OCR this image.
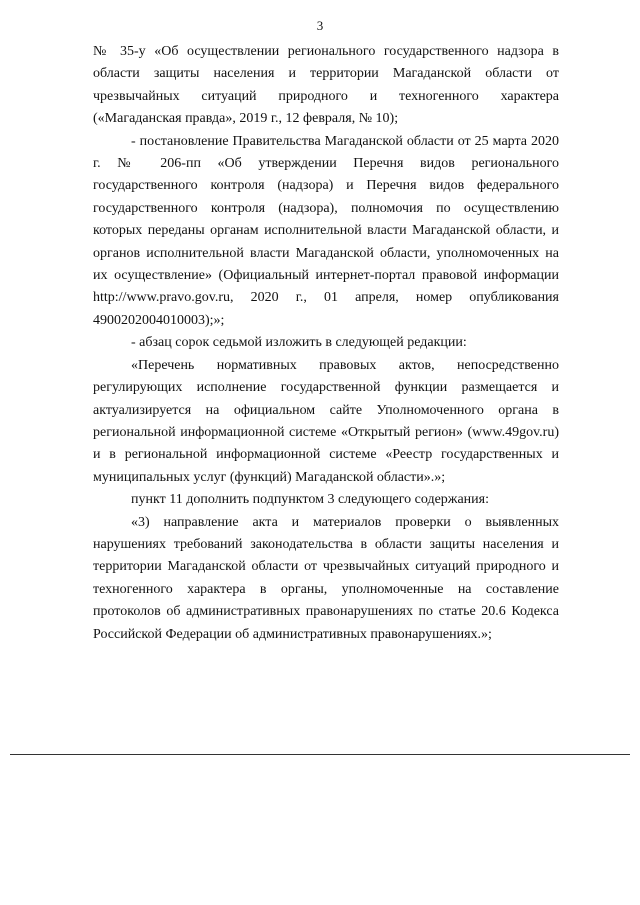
3

№ 35-у «Об осуществлении регионального государственного надзора в области защиты населения и территории Магаданской области от чрезвычайных ситуаций природного и техногенного характера («Магаданская правда», 2019 г., 12 февраля, № 10);

- постановление Правительства Магаданской области от 25 марта 2020 г. № 206-пп «Об утверждении Перечня видов регионального государственного контроля (надзора) и Перечня видов федерального государственного контроля (надзора), полномочия по осуществлению которых переданы органам исполнительной власти Магаданской области, и органов исполнительной власти Магаданской области, уполномоченных на их осуществление» (Официальный интернет-портал правовой информации http://www.pravo.gov.ru, 2020 г., 01 апреля, номер опубликования 4900202004010003);»;

- абзац сорок седьмой изложить в следующей редакции:

«Перечень нормативных правовых актов, непосредственно регулирующих исполнение государственной функции размещается и актуализируется на официальном сайте Уполномоченного органа в региональной информационной системе «Открытый регион» (www.49gov.ru) и в региональной информационной системе «Реестр государственных и муниципальных услуг (функций) Магаданской области».»;

пункт 11 дополнить подпунктом 3 следующего содержания:

«3) направление акта и материалов проверки о выявленных нарушениях требований законодательства в области защиты населения и территории Магаданской области от чрезвычайных ситуаций природного и техногенного характера в органы, уполномоченные на составление протоколов об административных правонарушениях по статье 20.6 Кодекса Российской Федерации об административных правонарушениях.»;
